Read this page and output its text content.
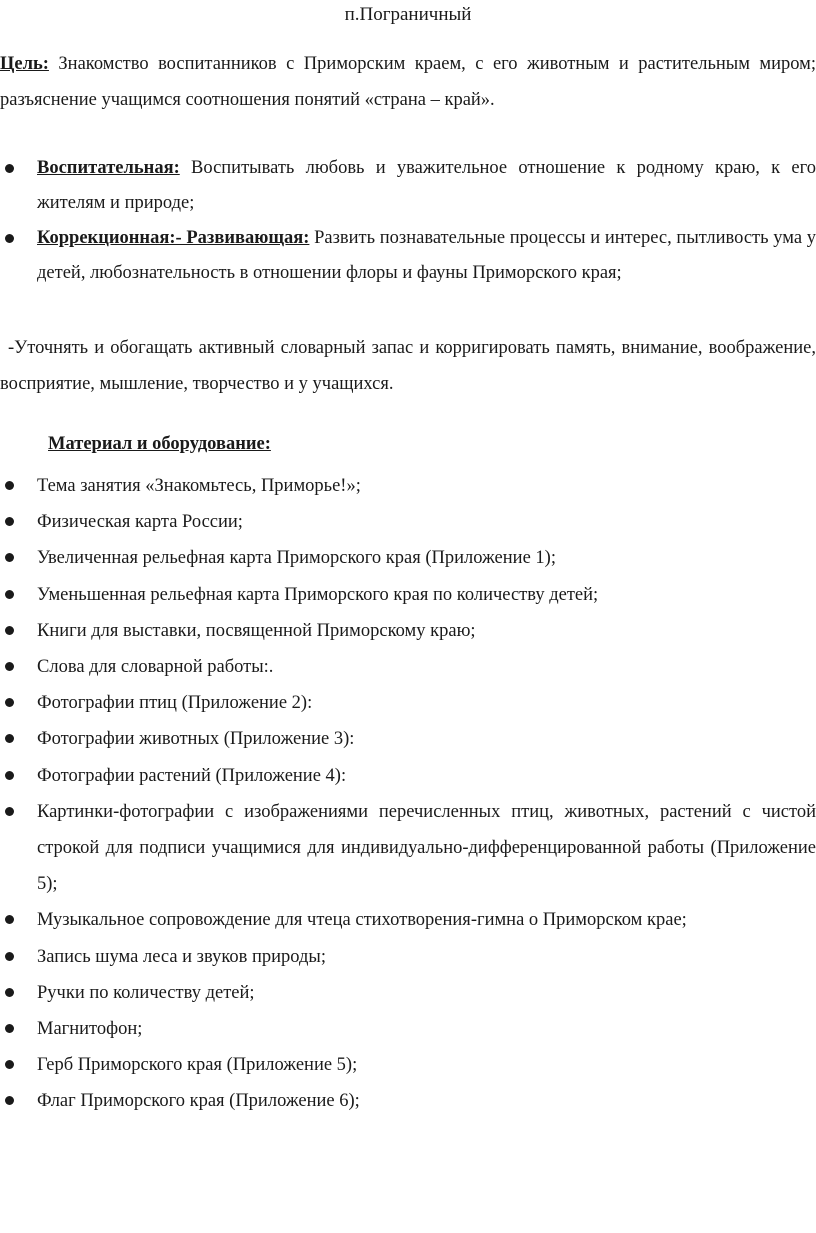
п.Пограничный
Цель: Знакомство воспитанников с Приморским краем, с его животным и растительным миром; разъяснение учащимся соотношения понятий «страна – край».
Воспитательная: Воспитывать любовь и уважительное отношение к родному краю, к его жителям и природе;
Коррекционная:- Развивающая: Развить познавательные процессы и интерес, пытливость ума у детей, любознательность в отношении флоры и фауны Приморского края;
-Уточнять и обогащать активный словарный запас и корригировать память, внимание, воображение, восприятие, мышление, творчество и у учащихся.
Материал и оборудование:
Тема занятия «Знакомьтесь, Приморье!»;
Физическая карта России;
Увеличенная рельефная карта Приморского края (Приложение 1);
Уменьшенная рельефная карта Приморского края по количеству детей;
Книги для выставки, посвященной Приморскому краю;
Слова для словарной работы:.
Фотографии птиц (Приложение 2):
Фотографии животных (Приложение 3):
Фотографии растений (Приложение 4):
Картинки-фотографии с изображениями перечисленных птиц, животных, растений с чистой строкой для подписи учащимися для индивидуально-дифференцированной работы (Приложение 5);
Музыкальное сопровождение для чтеца стихотворения-гимна о Приморском крае;
Запись шума леса и звуков природы;
Ручки по количеству детей;
Магнитофон;
Герб Приморского края (Приложение 5);
Флаг Приморского края (Приложение 6);
